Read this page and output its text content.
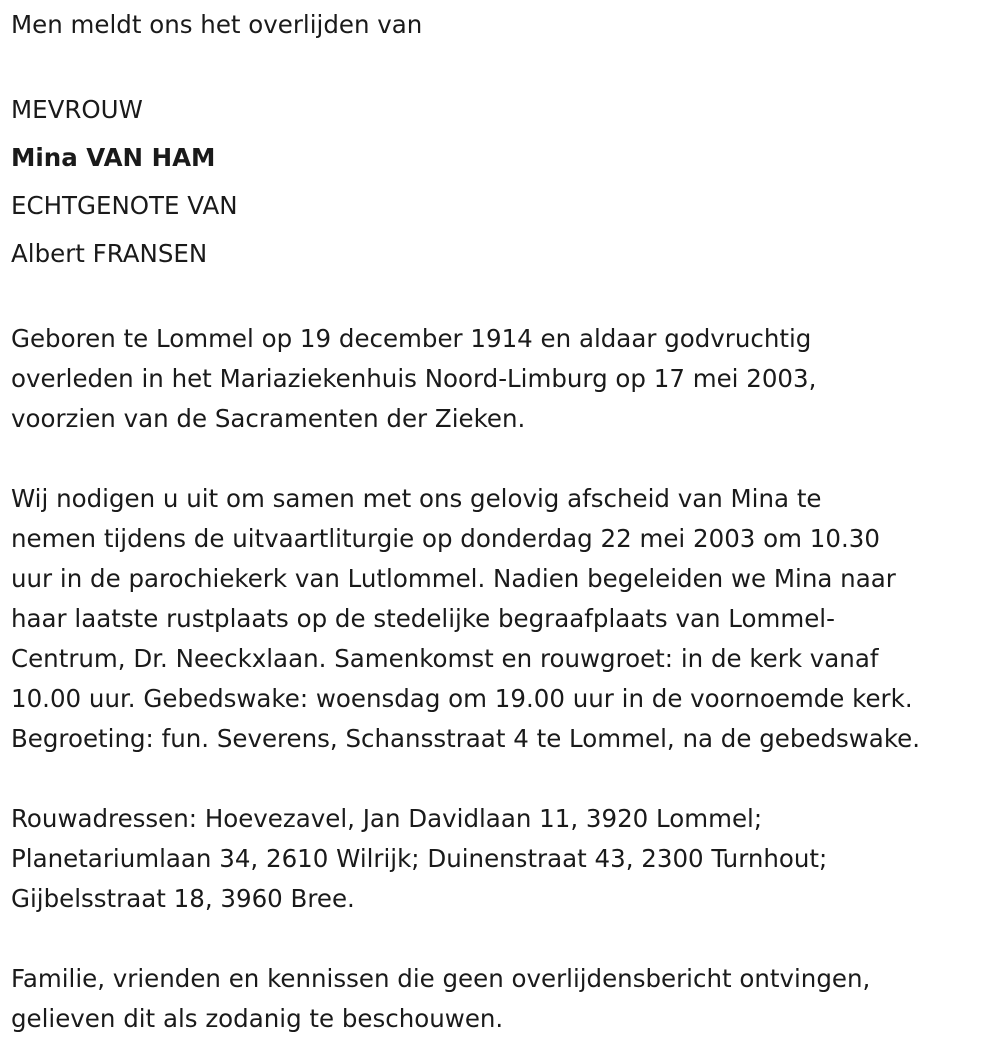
Men meldt ons het overlijden van

MEVROUW

Mina VAN HAM

ECHTGENOTE VAN

Albert FRANSEN

Geboren te Lommel op 19 december 1914 en aldaar godvruchtig

overleden in het Mariaziekenhuis Noord-Limburg op 17 mei 2003,

voorzien van de Sacramenten der Zieken.

Wij nodigen u uit om samen met ons gelovig afscheid van Mina te

nemen tijdens de uitvaartliturgie op donderdag 22 mei 2003 om 10.30

uur in de parochiekerk van Lutlommel. Nadien begeleiden we Mina naar

haar laatste rustplaats op de stedelijke begraafplaats van Lommel-

Centrum, Dr. Neeckxlaan. Samenkomst en rouwgroet: in de kerk vanaf

10.00 uur. Gebedswake: woensdag om 19.00 uur in de voornoemde kerk.

Begroeting: fun. Severens, Schansstraat 4 te Lommel, na de gebedswake.

Rouwadressen: Hoevezavel, Jan Davidlaan 11, 3920 Lommel;

Planetariumlaan 34, 2610 Wilrijk; Duinenstraat 43, 2300 Turnhout;

Gijbelsstraat 18, 3960 Bree.

Familie, vrienden en kennissen die geen overlijdensbericht ontvingen,

gelieven dit als zodanig te beschouwen.
